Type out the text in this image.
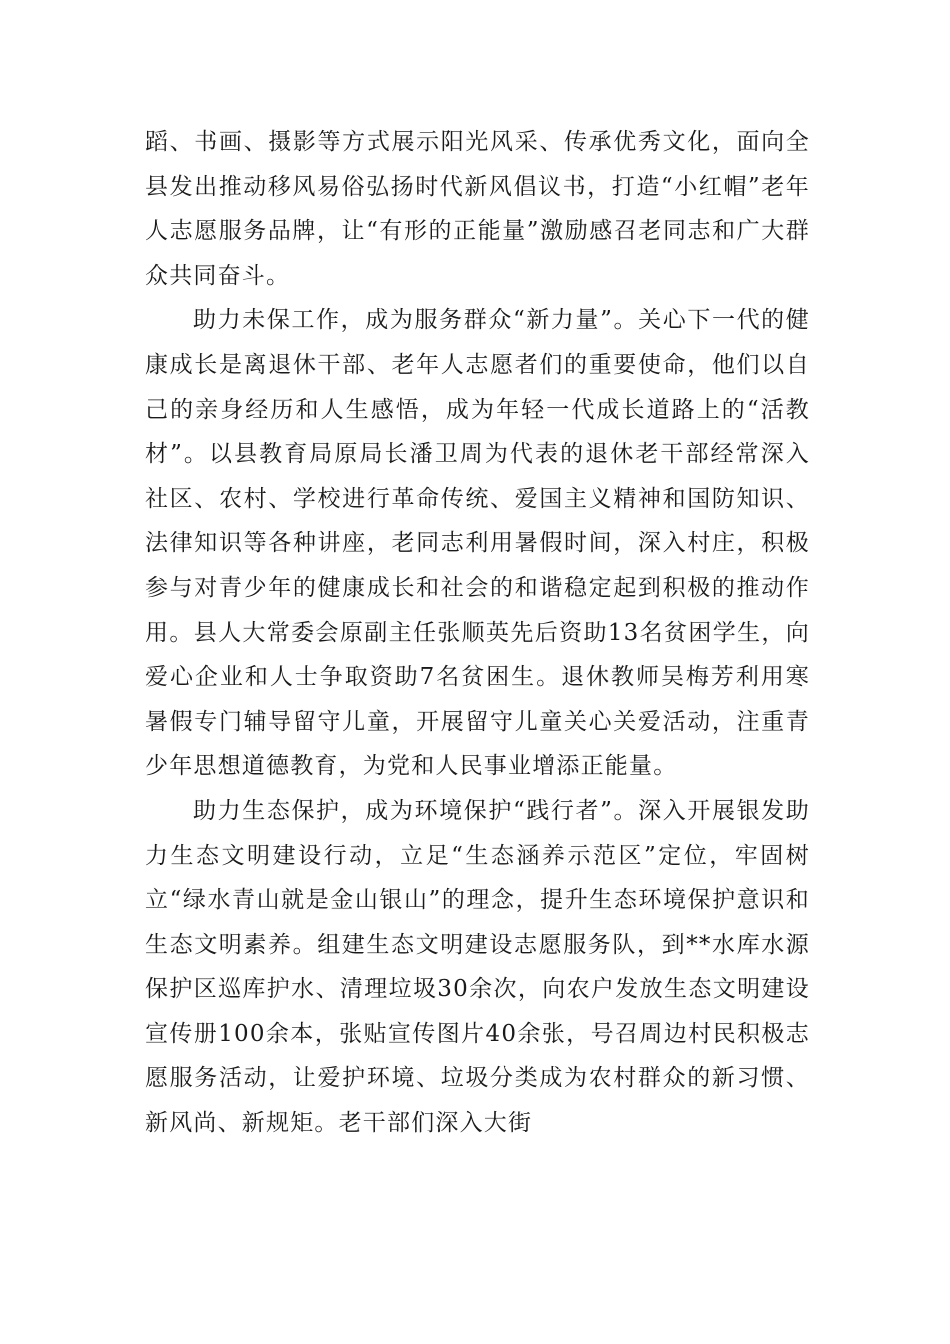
蹈、书画、摄影等方式展示阳光风采、传承优秀文化，面向全县发出推动移风易俗弘扬时代新风倡议书，打造“小红帽”老年人志愿服务品牌，让“有形的正能量”激励感召老同志和广大群众共同奋斗。

助力未保工作，成为服务群众“新力量”。关心下一代的健康成长是离退休干部、老年人志愿者们的重要使命，他们以自己的亲身经历和人生感悟，成为年轻一代成长道路上的“活教材”。以县教育局原局长潘卫周为代表的退休老干部经常深入社区、农村、学校进行革命传统、爱国主义精神和国防知识、法律知识等各种讲座，老同志利用暑假时间，深入村庄，积极参与对青少年的健康成长和社会的和谐稳定起到积极的推动作用。县人大常委会原副主任张顺英先后资助13名贫困学生，向爱心企业和人士争取资助7名贫困生。退休教师吴梅芳利用寒暑假专门辅导留守儿童，开展留守儿童关心关爱活动，注重青少年思想道德教育，为党和人民事业增添正能量。

助力生态保护，成为环境保护“践行者”。深入开展银发助力生态文明建设行动，立足“生态涵养示范区”定位，牢固树立“绿水青山就是金山银山”的理念，提升生态环境保护意识和生态文明素养。组建生态文明建设志愿服务队，到**水库水源保护区巡库护水、清理垃圾30余次，向农户发放生态文明建设宣传册100余本，张贴宣传图片40余张，号召周边村民积极志愿服务活动，让爱护环境、垃圾分类成为农村群众的新习惯、新风尚、新规矩。老干部们深入大街
